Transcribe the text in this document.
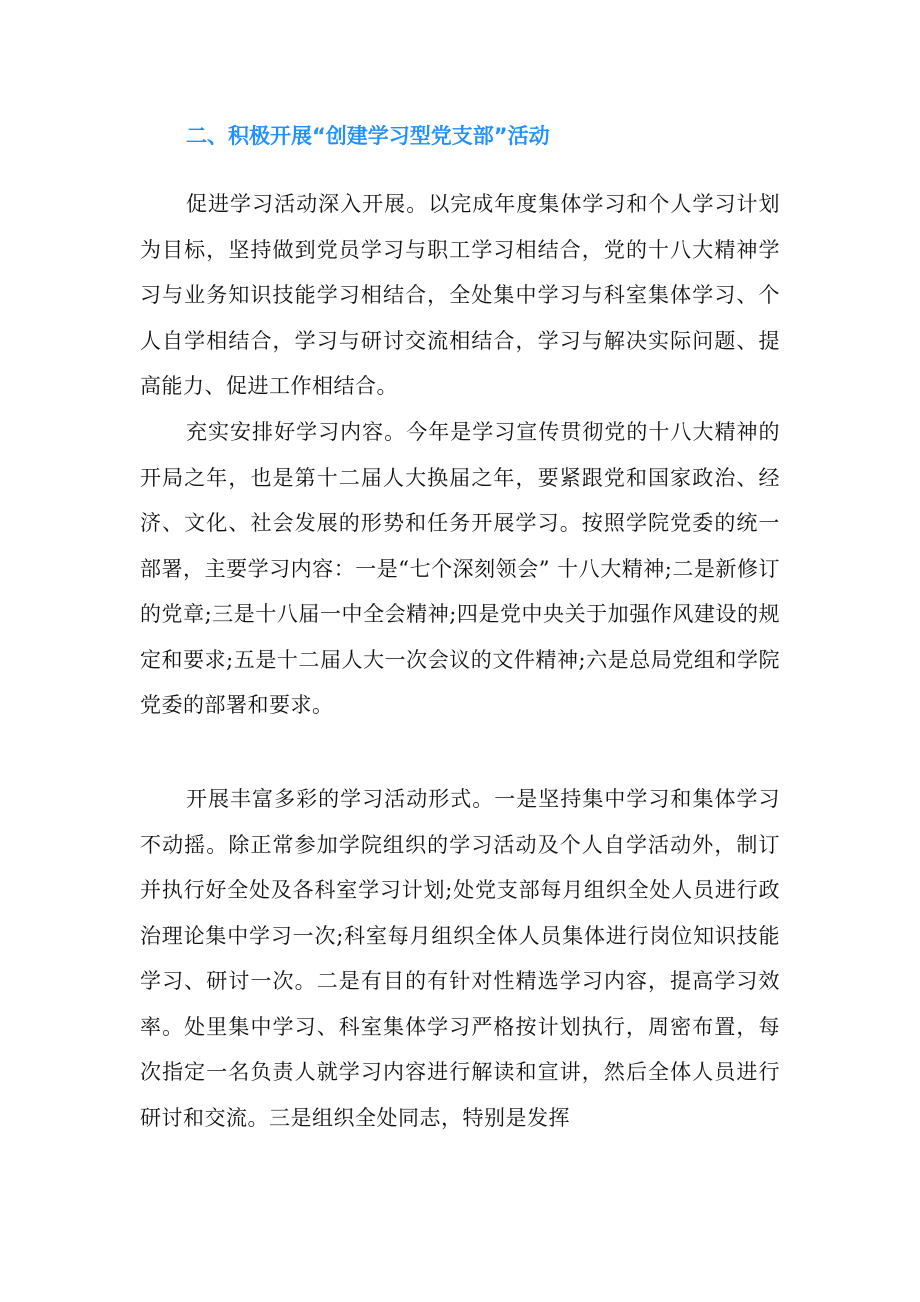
二、积极开展“创建学习型党支部”活动

促进学习活动深入开展。以完成年度集体学习和个人学习计划为目标，坚持做到党员学习与职工学习相结合，党的十八大精神学习与业务知识技能学习相结合，全处集中学习与科室集体学习、个人自学相结合，学习与研讨交流相结合，学习与解决实际问题、提高能力、促进工作相结合。

充实安排好学习内容。今年是学习宣传贯彻党的十八大精神的开局之年，也是第十二届人大换届之年，要紧跟党和国家政治、经济、文化、社会发展的形势和任务开展学习。按照学院党委的统一部署，主要学习内容：一是“七个深刻领会” 十八大精神;二是新修订的党章;三是十八届一中全会精神;四是党中央关于加强作风建设的规定和要求;五是十二届人大一次会议的文件精神;六是总局党组和学院党委的部署和要求。

开展丰富多彩的学习活动形式。一是坚持集中学习和集体学习不动摇。除正常参加学院组织的学习活动及个人自学活动外，制订并执行好全处及各科室学习计划;处党支部每月组织全处人员进行政治理论集中学习一次;科室每月组织全体人员集体进行岗位知识技能学习、研讨一次。二是有目的有针对性精选学习内容，提高学习效率。处里集中学习、科室集体学习严格按计划执行，周密布置，每次指定一名负责人就学习内容进行解读和宣讲，然后全体人员进行研讨和交流。三是组织全处同志，特别是发挥
